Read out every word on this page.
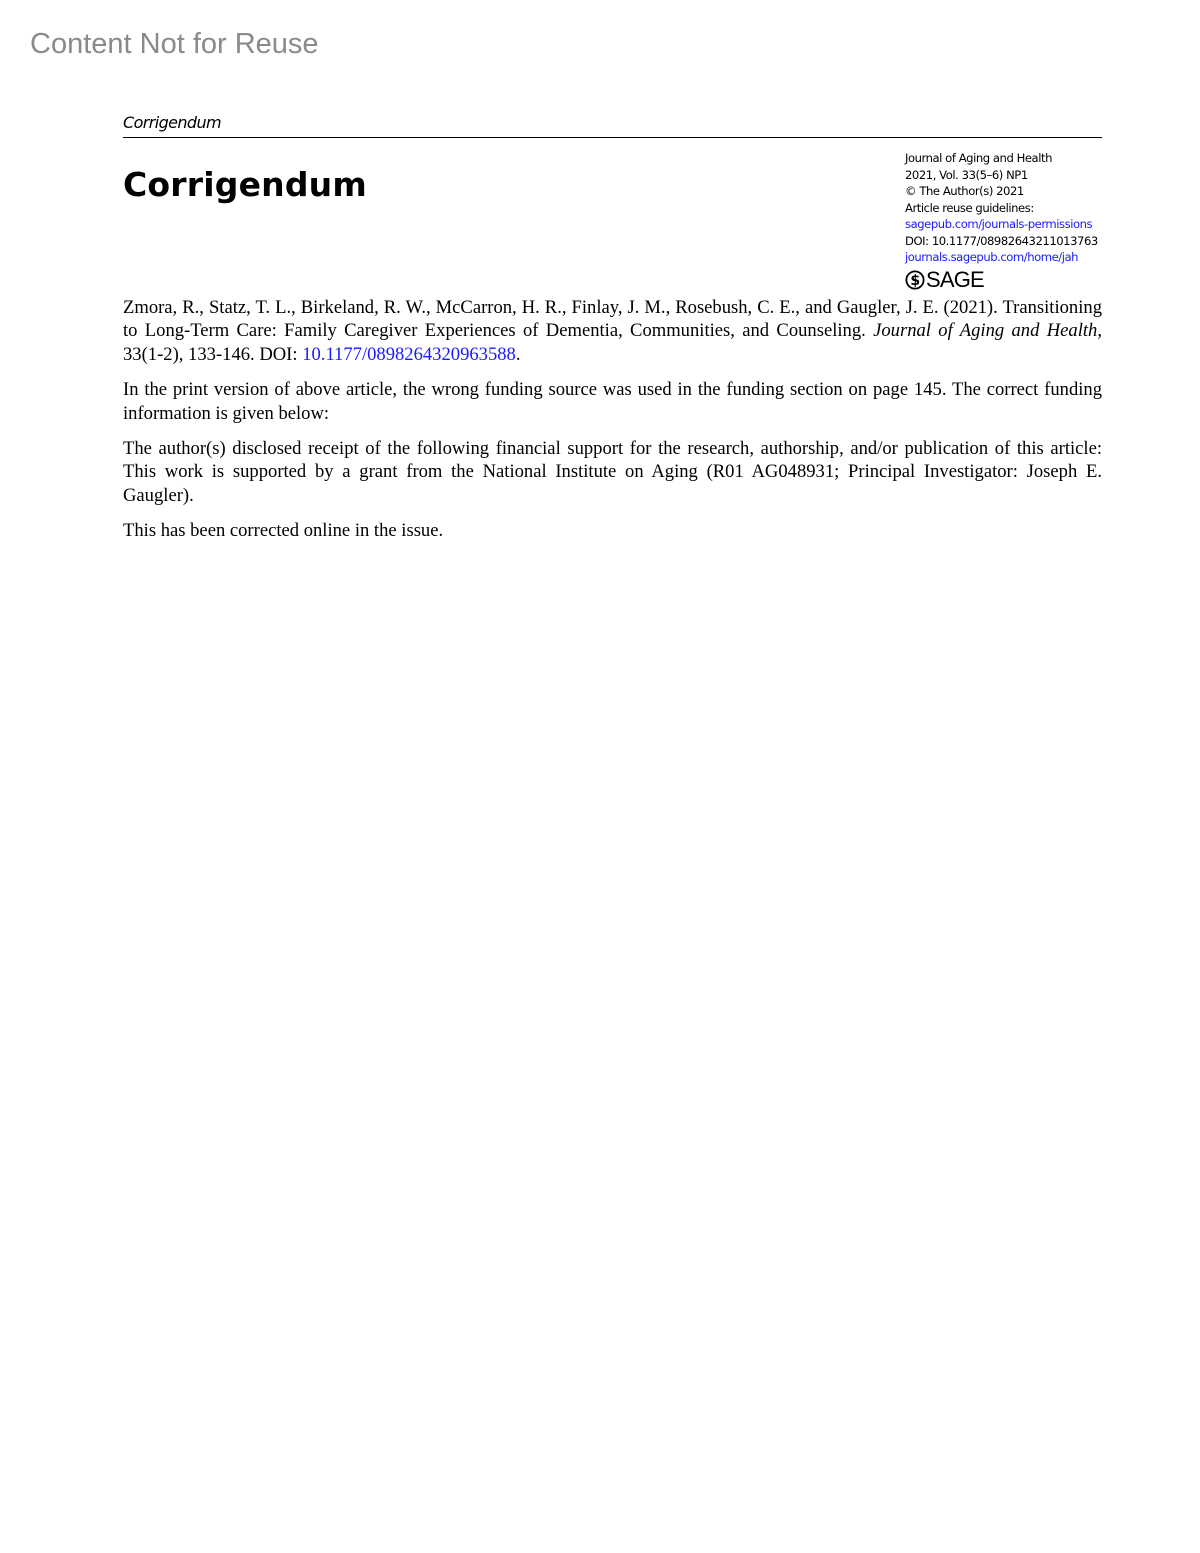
Content Not for Reuse
Corrigendum
Corrigendum
Journal of Aging and Health
2021, Vol. 33(5–6) NP1
© The Author(s) 2021
Article reuse guidelines:
sagepub.com/journals-permissions
DOI: 10.1177/08982643211013763
journals.sagepub.com/home/jah
$ SAGE

Zmora, R., Statz, T. L., Birkeland, R. W., McCarron, H. R., Finlay, J. M., Rosebush, C. E., and Gaugler, J. E. (2021). Transitioning to Long-Term Care: Family Caregiver Experiences of Dementia, Communities, and Counseling. Journal of Aging and Health, 33(1-2), 133-146. DOI: 10.1177/0898264320963588.

In the print version of above article, the wrong funding source was used in the funding section on page 145. The correct funding information is given below:

The author(s) disclosed receipt of the following financial support for the research, authorship, and/or publication of this article: This work is supported by a grant from the National Institute on Aging (R01 AG048931; Principal Investigator: Joseph E. Gaugler).

This has been corrected online in the issue.
